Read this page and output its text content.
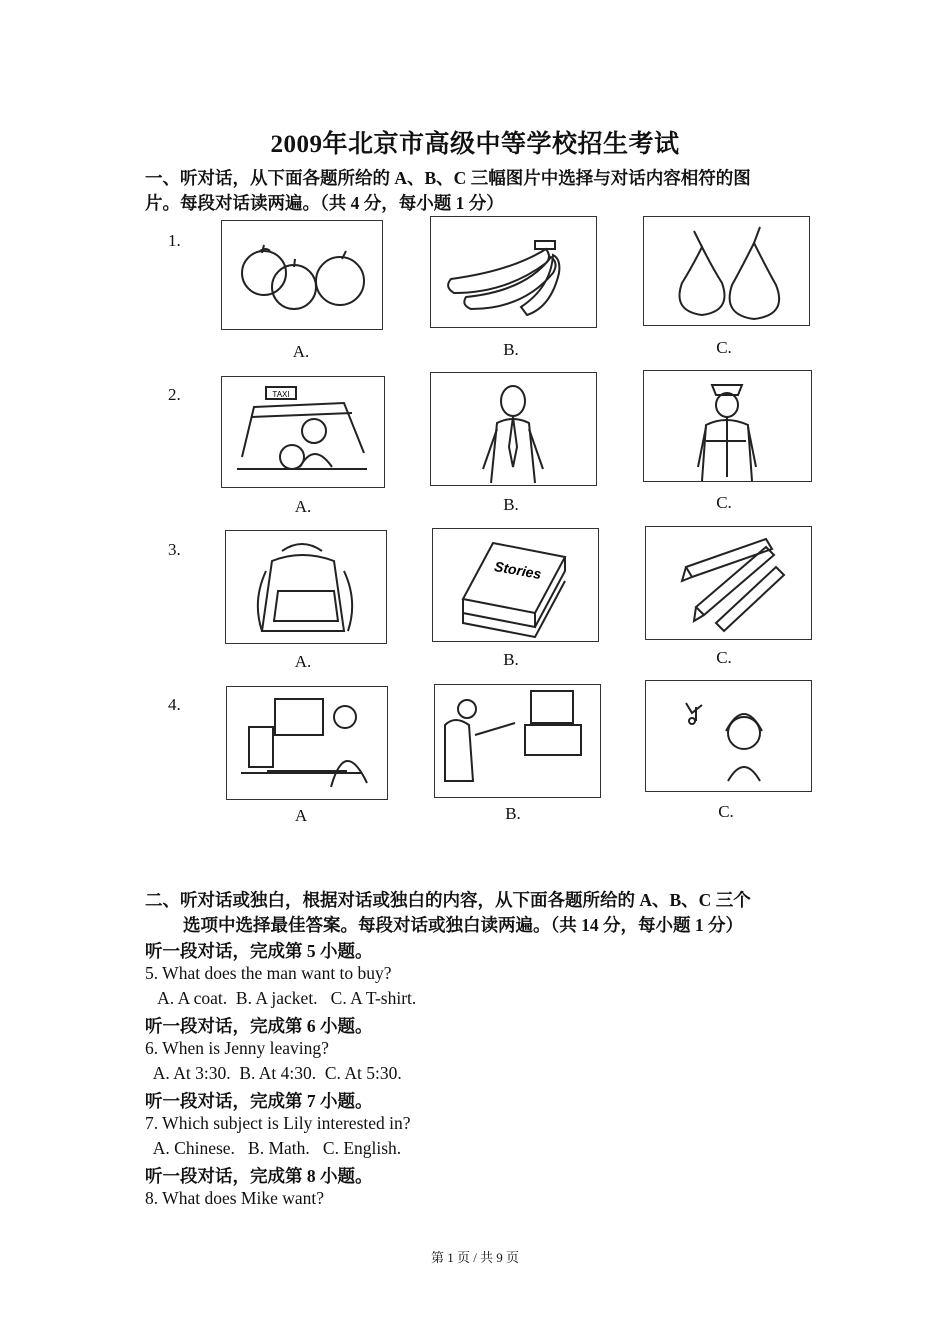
2009年北京市高级中等学校招生考试
一、听对话，从下面各题所给的 A、B、C 三幅图片中选择与对话内容相符的图
片。每段对话读两遍。（共 4 分，每小题 1 分）
1.
A.	B.	C.
2.	TAXI
A.	B.	C.
3.
Stories
A.	B.	C.
4.
A	B.	C.
二、听对话或独白，根据对话或独白的内容，从下面各题所给的 A、B、C 三个
选项中选择最佳答案。每段对话或独白读两遍。（共 14 分，每小题 1 分）
听一段对话，完成第 5 小题。
5. What does the man want to buy?
A. A coat.  B. A jacket.   C. A T-shirt.
听一段对话，完成第 6 小题。
6. When is Jenny leaving?
A. At 3:30.  B. At 4:30.  C. At 5:30.
听一段对话，完成第 7 小题。
7. Which subject is Lily interested in?
A. Chinese.   B. Math.   C. English.
听一段对话，完成第 8 小题。
8. What does Mike want?
第 1 页 / 共 9 页
